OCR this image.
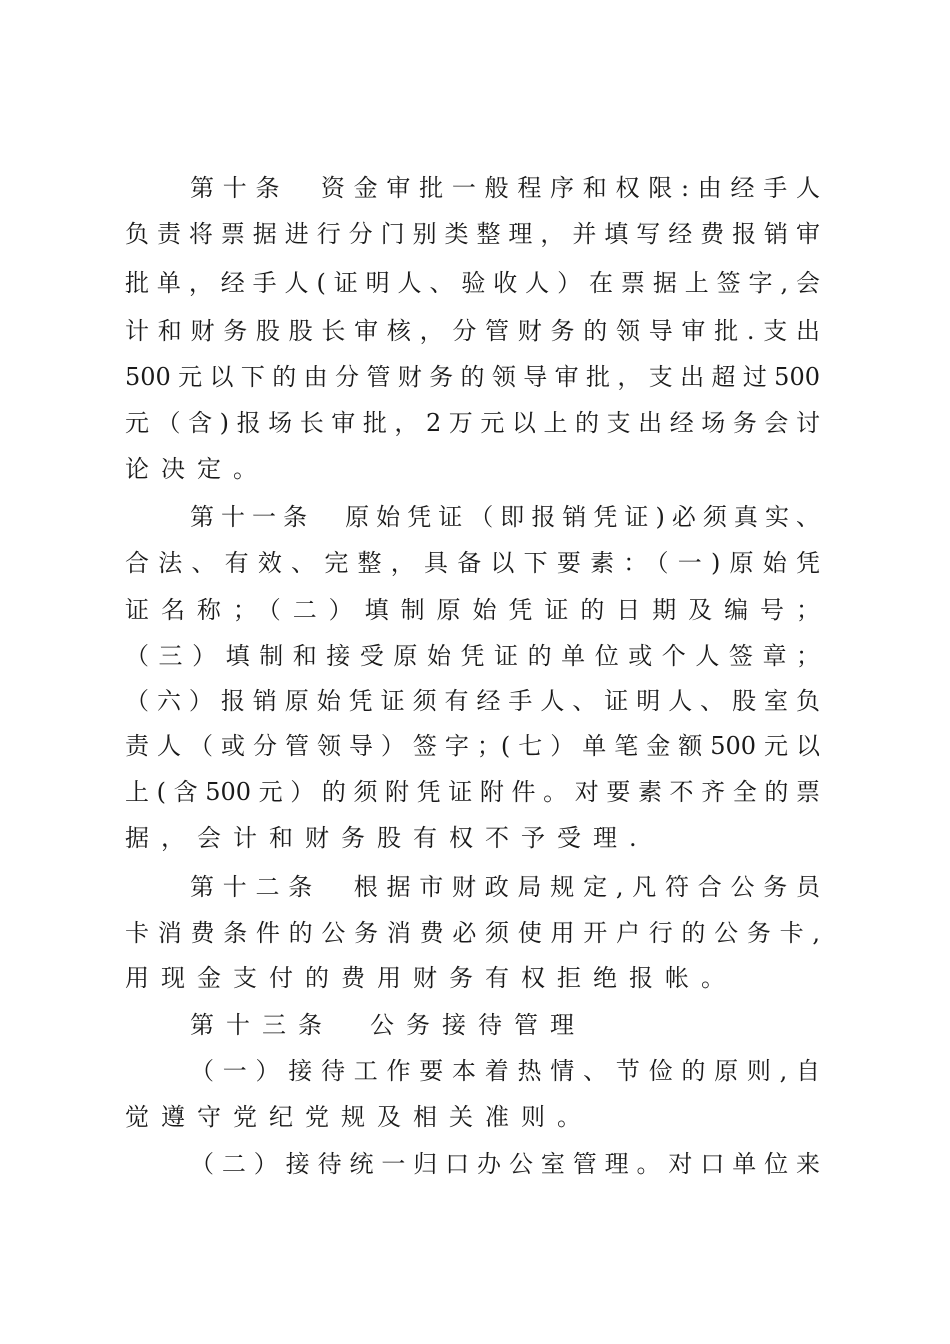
第十条　资金审批一般程序和权限:由经手人
负责将票据进行分门别类整理，并填写经费报销审
批单，经手人(证明人、验收人）在票据上签字,会
计和财务股股长审核，分管财务的领导审批.支出
500元以下的由分管财务的领导审批，支出超过500
元（含)报场长审批，2万元以上的支出经场务会讨
论决定。
第十一条　原始凭证（即报销凭证)必须真实、
合法、有效、完整，具备以下要素：（一)原始凭
证名称；（二）填制原始凭证的日期及编号；
（三）填制和接受原始凭证的单位或个人签章；
（六）报销原始凭证须有经手人、证明人、股室负
责人（或分管领导）签字；(七）单笔金额500元以
上(含500元）的须附凭证附件。对要素不齐全的票
据，会计和财务股有权不予受理.
第十二条　根据市财政局规定,凡符合公务员
卡消费条件的公务消费必须使用开户行的公务卡,
用现金支付的费用财务有权拒绝报帐。
第十三条　公务接待管理
（一）接待工作要本着热情、节俭的原则,自
觉遵守党纪党规及相关准则。
（二）接待统一归口办公室管理。对口单位来
